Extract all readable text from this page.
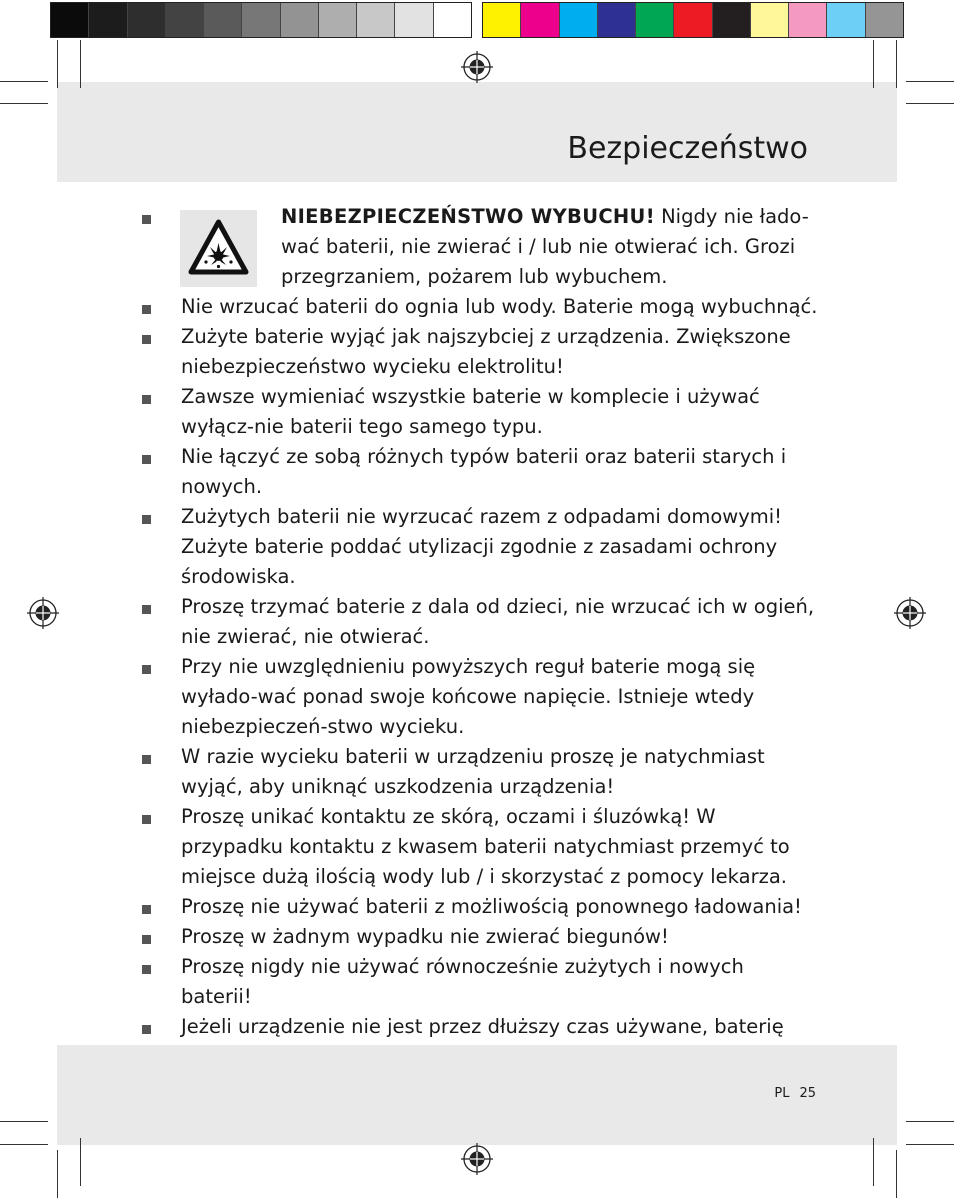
Bezpieczeństwo
NIEBEZPIECZEŃSTWO WYBUCHU! Nigdy nie łado-wać baterii, nie zwierać i / lub nie otwierać ich. Grozi przegrzaniem, pożarem lub wybuchem.
Nie wrzucać baterii do ognia lub wody. Baterie mogą wybuchnąć.
Zużyte baterie wyjąć jak najszybciej z urządzenia. Zwiększone niebezpieczeństwo wycieku elektrolitu!
Zawsze wymieniać wszystkie baterie w komplecie i używać wyłącz-nie baterii tego samego typu.
Nie łączyć ze sobą różnych typów baterii oraz baterii starych i nowych.
Zużytych baterii nie wyrzucać razem z odpadami domowymi! Zużyte baterie poddać utylizacji zgodnie z zasadami ochrony środowiska.
Proszę trzymać baterie z dala od dzieci, nie wrzucać ich w ogień, nie zwierać, nie otwierać.
Przy nie uwzględnieniu powyższych reguł baterie mogą się wyłado-wać ponad swoje końcowe napięcie. Istnieje wtedy niebezpieczeń-stwo wycieku.
W razie wycieku baterii w urządzeniu proszę je natychmiast wyjąć, aby uniknąć uszkodzenia urządzenia!
Proszę unikać kontaktu ze skórą, oczami i śluzówką! W przypadku kontaktu z kwasem baterii natychmiast przemyć to miejsce dużą ilością wody lub / i skorzystać z pomocy lekarza.
Proszę nie używać baterii z możliwością ponownego ładowania!
Proszę w żadnym wypadku nie zwierać biegunów!
Proszę nigdy nie używać równocześnie zużytych i nowych baterii!
Jeżeli urządzenie nie jest przez dłuższy czas używane, baterię
PL 25
